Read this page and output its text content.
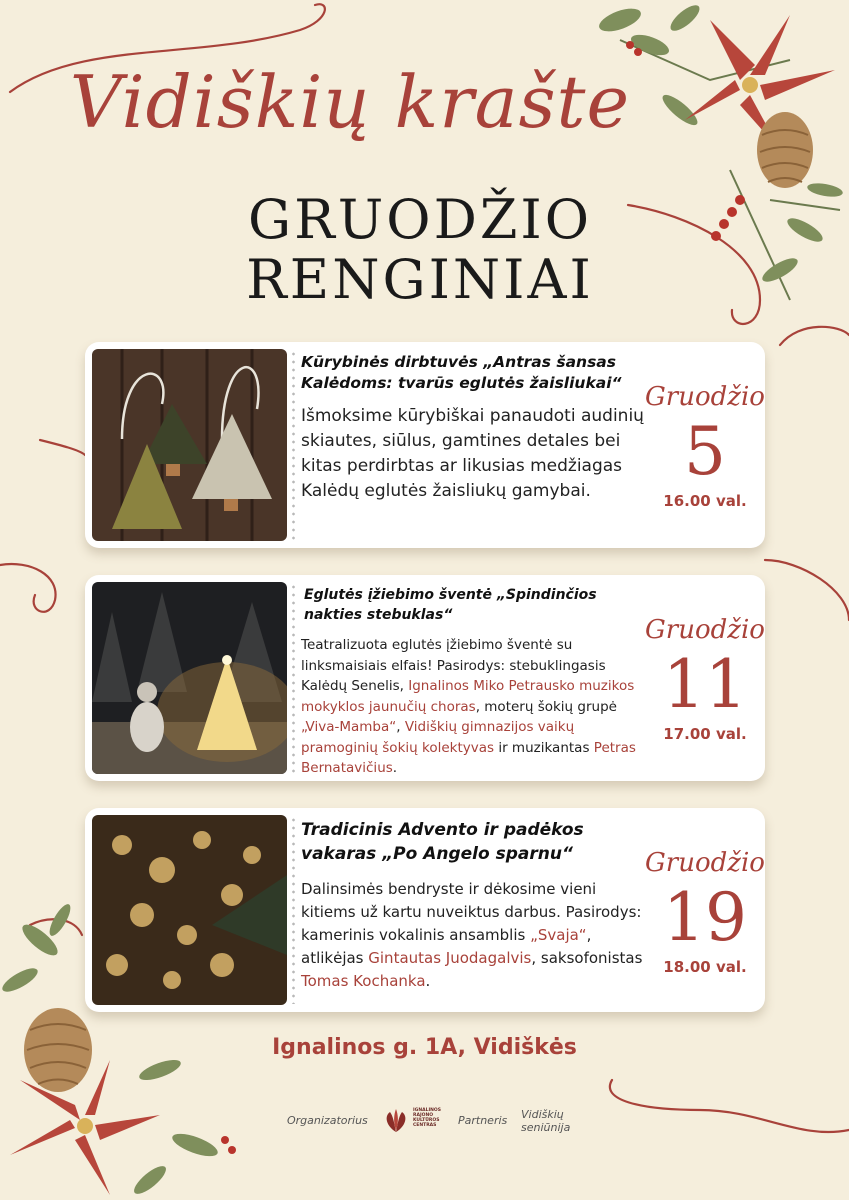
Vidiškių krašte
GRUODŽIO
RENGINIAI

Kūrybinės dirbtuvės „Antras šansas Kalėdoms: tvarūs eglutės žaisliukai“

Išmoksime kūrybiškai panaudoti audinių skiautes, siūlus, gamtines detales bei kitas perdirbtas ar likusias medžiagas Kalėdų eglutės žaisliukų gamybai.

Gruodžio
5
16.00 val.

Eglutės įžiebimo šventė „Spindinčios nakties stebuklas“

Teatralizuota eglutės įžiebimo šventė su linksmaisiais elfais! Pasirodys: stebuklingasis Kalėdų Senelis, Ignalinos Miko Petrausko muzikos mokyklos jaunučių choras, moterų šokių grupė „Viva-Mamba“, Vidiškių gimnazijos vaikų pramoginių šokių kolektyvas ir muzikantas Petras Bernatavičius.

Gruodžio
11
17.00 val.

Tradicinis Advento ir padėkos vakaras „Po Angelo sparnu“

Dalinsimės bendryste ir dėkosime vieni kitiems už kartu nuveiktus darbus. Pasirodys: kamerinis vokalinis ansamblis „Svaja“, atlikėjas Gintautas Juodagalvis, saksofonistas Tomas Kochanka.

Gruodžio
19
18.00 val.
Ignalinos g. 1A, Vidiškės
Organizatorius
IGNALINOS RAJONO KULTŪROS CENTRAS	Partneris Vidiškių seniūnija
